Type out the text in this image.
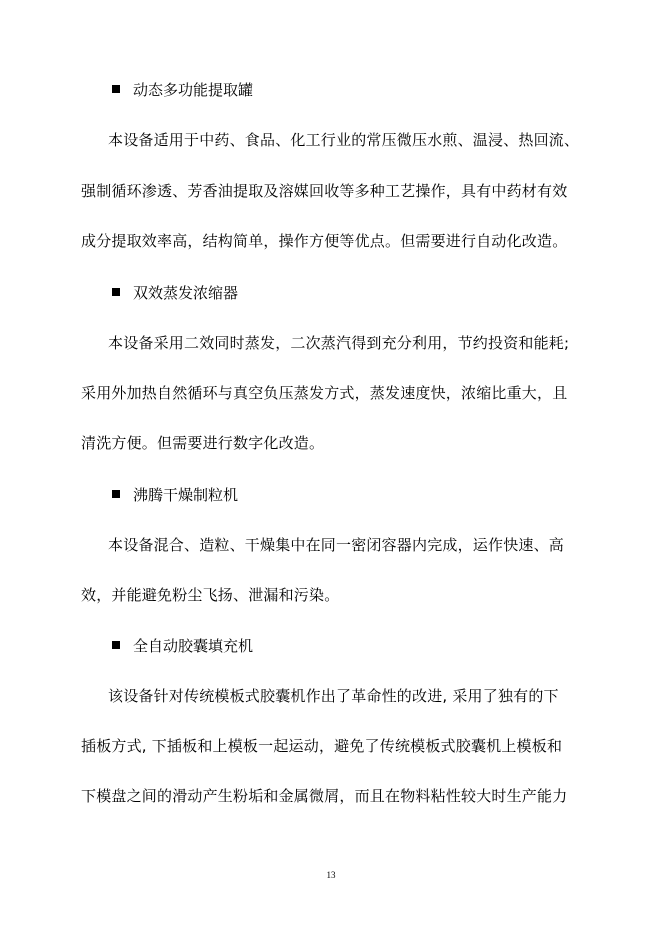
动态多功能提取罐
本设备适用于中药、食品、化工行业的常压微压水煎、温浸、热回流、
强制循环渗透、芳香油提取及溶媒回收等多种工艺操作，具有中药材有效
成分提取效率高，结构简单，操作方便等优点。但需要进行自动化改造。
双效蒸发浓缩器
本设备采用二效同时蒸发，二次蒸汽得到充分利用，节约投资和能耗;
采用外加热自然循环与真空负压蒸发方式，蒸发速度快，浓缩比重大，且
清洗方便。但需要进行数字化改造。
沸腾干燥制粒机
本设备混合、造粒、干燥集中在同一密闭容器内完成，运作快速、高
效，并能避免粉尘飞扬、泄漏和污染。
全自动胶囊填充机
该设备针对传统模板式胶囊机作出了革命性的改进, 采用了独有的下
插板方式, 下插板和上模板一起运动，避免了传统模板式胶囊机上模板和
下模盘之间的滑动产生粉垢和金属微屑，而且在物料粘性较大时生产能力
13
